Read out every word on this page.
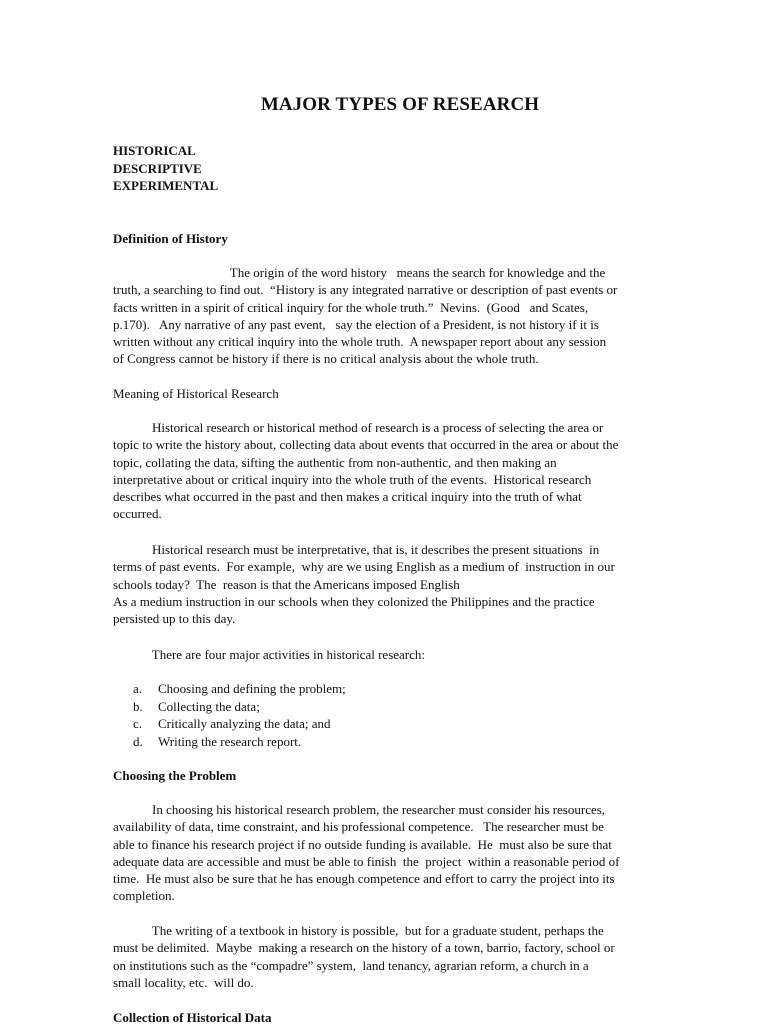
MAJOR TYPES OF RESEARCH
HISTORICAL
DESCRIPTIVE
EXPERIMENTAL
Definition of History
The origin of the word history   means the search for knowledge and the
truth, a searching to find out.  “History is any integrated narrative or description of past events or
facts written in a spirit of critical inquiry for the whole truth.”  Nevins.  (Good   and Scates,
p.170).   Any narrative of any past event,   say the election of a President, is not history if it is
written without any critical inquiry into the whole truth.  A newspaper report about any session
of Congress cannot be history if there is no critical analysis about the whole truth.
Meaning of Historical Research
Historical research or historical method of research is a process of selecting the area or
topic to write the history about, collecting data about events that occurred in the area or about the
topic, collating the data, sifting the authentic from non-authentic, and then making an
interpretative about or critical inquiry into the whole truth of the events.  Historical research
describes what occurred in the past and then makes a critical inquiry into the truth of what
occurred.
Historical research must be interpretative, that is, it describes the present situations  in
terms of past events.  For example,  why are we using English as a medium of  instruction in our
schools today?  The  reason is that the Americans imposed English
As a medium instruction in our schools when they colonized the Philippines and the practice
persisted up to this day.
There are four major activities in historical research:
a.	Choosing and defining the problem;
b.	Collecting the data;
c.	Critically analyzing the data; and
d.	Writing the research report.
Choosing the Problem
In choosing his historical research problem, the researcher must consider his resources,
availability of data, time constraint, and his professional competence.   The researcher must be
able to finance his research project if no outside funding is available.  He  must also be sure that
adequate data are accessible and must be able to finish  the  project  within a reasonable period of
time.  He must also be sure that he has enough competence and effort to carry the project into its
completion.
The writing of a textbook in history is possible,  but for a graduate student, perhaps the
must be delimited.  Maybe  making a research on the history of a town, barrio, factory, school or
on institutions such as the “compadre” system,  land tenancy, agrarian reform, a church in a
small locality, etc.  will do.
Collection of Historical Data
